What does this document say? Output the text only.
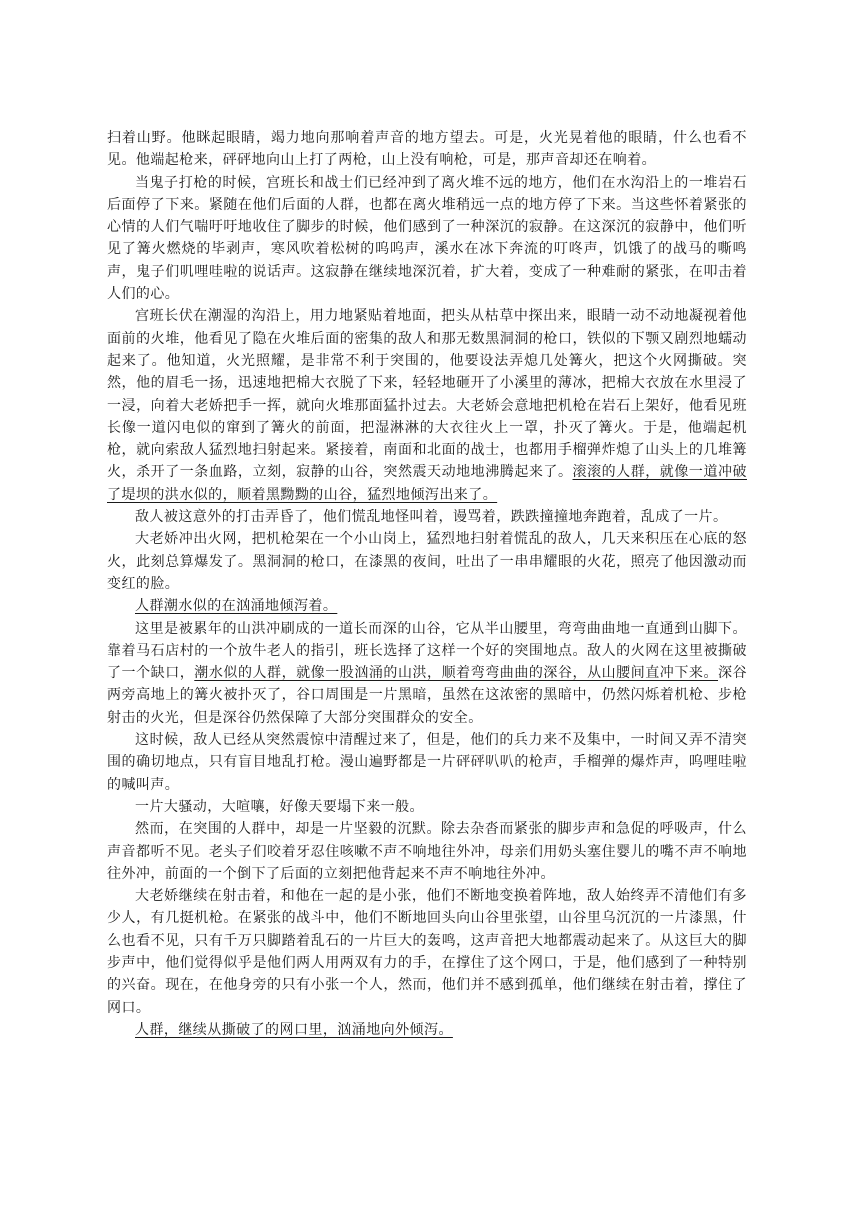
扫着山野。他眯起眼睛，竭力地向那响着声音的地方望去。可是，火光晃着他的眼睛，什么也看不见。他端起枪来，砰砰地向山上打了两枪，山上没有响枪，可是，那声音却还在响着。

当鬼子打枪的时候，宫班长和战士们已经冲到了离火堆不远的地方，他们在水沟沿上的一堆岩石后面停了下来。紧随在他们后面的人群，也都在离火堆稍远一点的地方停了下来。当这些怀着紧张的心情的人们气喘吁吁地收住了脚步的时候，他们感到了一种深沉的寂静。在这深沉的寂静中，他们听见了篝火燃烧的毕剥声，寒风吹着松树的呜呜声，溪水在冰下奔流的叮咚声，饥饿了的战马的嘶鸣声，鬼子们叽哩哇啦的说话声。这寂静在继续地深沉着，扩大着，变成了一种难耐的紧张，在叩击着人们的心。

宫班长伏在潮湿的沟沿上，用力地紧贴着地面，把头从枯草中探出来，眼睛一动不动地凝视着他面前的火堆，他看见了隐在火堆后面的密集的敌人和那无数黑洞洞的枪口，铁似的下颚又剧烈地蠕动起来了。他知道，火光照耀，是非常不利于突围的，他要设法弄熄几处篝火，把这个火网撕破。突然，他的眉毛一扬，迅速地把棉大衣脱了下来，轻轻地砸开了小溪里的薄冰，把棉大衣放在水里浸了一浸，向着大老娇把手一挥，就向火堆那面猛扑过去。大老娇会意地把机枪在岩石上架好，他看见班长像一道闪电似的窜到了篝火的前面，把湿淋淋的大衣往火上一罩，扑灭了篝火。于是，他端起机枪，就向索敌人猛烈地扫射起来。紧接着，南面和北面的战士，也都用手榴弹炸熄了山头上的几堆篝火，杀开了一条血路，立刻，寂静的山谷，突然震天动地地沸腾起来了。滚滚的人群，就像一道冲破了堤坝的洪水似的，顺着黑黝黝的山谷，猛烈地倾泻出来了。

敌人被这意外的打击弄昏了，他们慌乱地怪叫着，谩骂着，跌跌撞撞地奔跑着，乱成了一片。

大老娇冲出火网，把机枪架在一个小山岗上，猛烈地扫射着慌乱的敌人，几天来积压在心底的怒火，此刻总算爆发了。黑洞洞的枪口，在漆黑的夜间，吐出了一串串耀眼的火花，照亮了他因激动而变红的脸。

人群潮水似的在汹涌地倾泻着。

这里是被累年的山洪冲刷成的一道长而深的山谷，它从半山腰里，弯弯曲曲地一直通到山脚下。靠着马石店村的一个放牛老人的指引，班长选择了这样一个好的突围地点。敌人的火网在这里被撕破了一个缺口，潮水似的人群，就像一股汹涌的山洪，顺着弯弯曲曲的深谷，从山腰间直冲下来。深谷两旁高地上的篝火被扑灭了，谷口周围是一片黑暗，虽然在这浓密的黑暗中，仍然闪烁着机枪、步枪射击的火光，但是深谷仍然保障了大部分突围群众的安全。

这时候，敌人已经从突然震惊中清醒过来了，但是，他们的兵力来不及集中，一时间又弄不清突围的确切地点，只有盲目地乱打枪。漫山遍野都是一片砰砰叭叭的枪声，手榴弹的爆炸声，呜哩哇啦的喊叫声。

一片大骚动，大喧嚷，好像天要塌下来一般。

然而，在突围的人群中，却是一片坚毅的沉默。除去杂沓而紧张的脚步声和急促的呼吸声，什么声音都听不见。老头子们咬着牙忍住咳嗽不声不响地往外冲，母亲们用奶头塞住婴儿的嘴不声不响地往外冲，前面的一个倒下了后面的立刻把他背起来不声不响地往外冲。

大老娇继续在射击着，和他在一起的是小张，他们不断地变换着阵地，敌人始终弄不清他们有多少人，有几挺机枪。在紧张的战斗中，他们不断地回头向山谷里张望，山谷里乌沉沉的一片漆黑，什么也看不见，只有千万只脚踏着乱石的一片巨大的轰鸣，这声音把大地都震动起来了。从这巨大的脚步声中，他们觉得似乎是他们两人用两双有力的手，在撑住了这个网口，于是，他们感到了一种特别的兴奋。现在，在他身旁的只有小张一个人，然而，他们并不感到孤单，他们继续在射击着，撑住了网口。

人群，继续从撕破了的网口里，汹涌地向外倾泻。
